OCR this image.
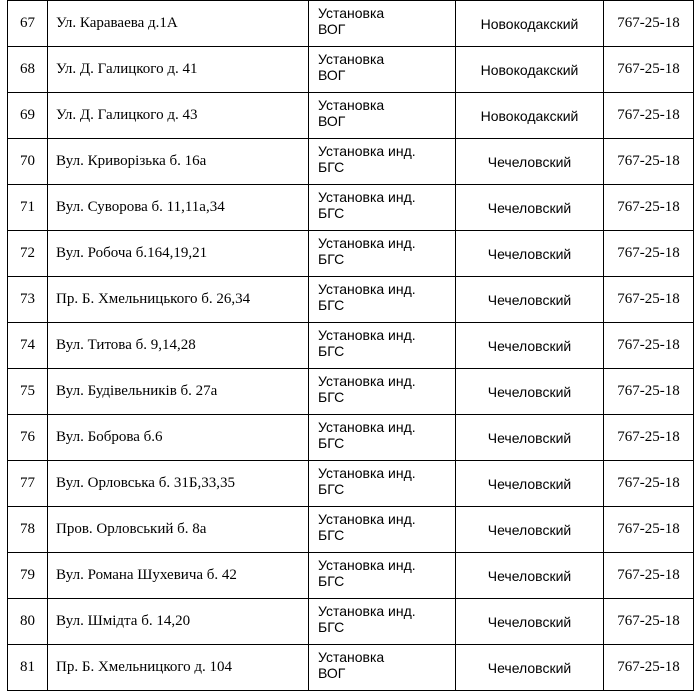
67	Ул. Караваева д.1А	Установка
ВОГ	Новокодакский	767-25-18
68	Ул. Д. Галицкого д. 41	Установка
ВОГ	Новокодакский	767-25-18
69	Ул. Д. Галицкого д. 43	Установка
ВОГ	Новокодакский	767-25-18
70	Вул. Криворізька б. 16а	Установка инд.
БГС	Чечеловский	767-25-18
71	Вул. Суворова б. 11,11а,34	Установка инд.
БГС	Чечеловский	767-25-18
72	Вул. Робоча б.164,19,21	Установка инд.
БГС	Чечеловский	767-25-18
73	Пр. Б. Хмельницького б. 26,34	Установка инд.
БГС	Чечеловский	767-25-18
74	Вул. Титова б. 9,14,28	Установка инд.
БГС	Чечеловский	767-25-18
75	Вул. Будівельників б. 27а	Установка инд.
БГС	Чечеловский	767-25-18
76	Вул. Боброва б.6	Установка инд.
БГС	Чечеловский	767-25-18
77	Вул. Орловська б. 31Б,33,35	Установка инд.
БГС	Чечеловский	767-25-18
78	Пров. Орловський б. 8а	Установка инд.
БГС	Чечеловский	767-25-18
79	Вул. Романа Шухевича б. 42	Установка инд.
БГС	Чечеловский	767-25-18
80	Вул. Шмідта б. 14,20	Установка инд.
БГС	Чечеловский	767-25-18
81	Пр. Б. Хмельницкого д. 104	Установка
ВОГ	Чечеловский	767-25-18
